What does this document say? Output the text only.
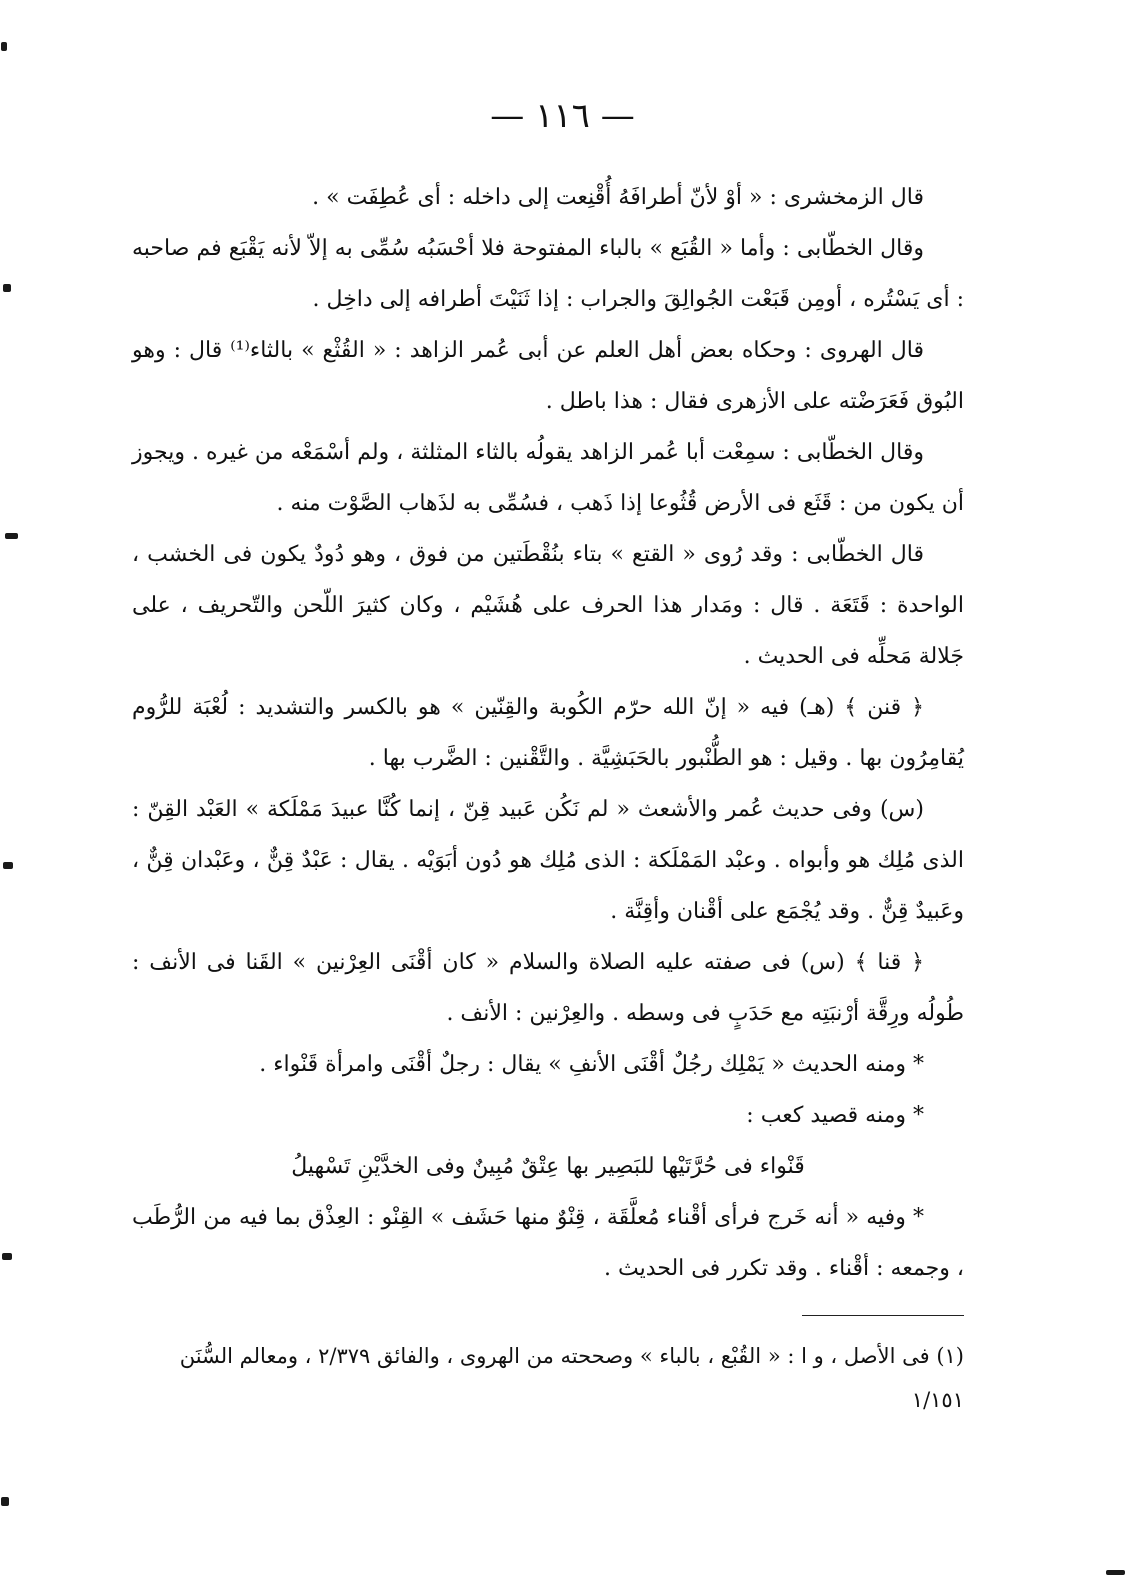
— ١١٦ —

قال الزمخشرى : « أوْ لأنّ أطرافَهُ أُقْنِعت إلى داخله : أى عُطِفَت » .

وقال الخطّابى : وأما « القُبَع » بالباء المفتوحة فلا أحْسَبُه سُمِّى به إلاّ لأنه يَقْبَع فم صاحبه : أى يَسْتُره ، أومِن قَبَعْت الجُوالِقَ والجراب : إذا ثَنَيْتَ أطرافه إلى داخِل .

قال الهروى : وحكاه بعض أهل العلم عن أبى عُمر الزاهد : « القُثْع » بالثاء⁽¹⁾ قال : وهو البُوق فَعَرَضْته على الأزهرى فقال : هذا باطل .

وقال الخطّابى : سمِعْت أبا عُمر الزاهد يقولُه بالثاء المثلثة ، ولم أسْمَعْه من غيره . ويجوز أن يكون من : قَثَع فى الأرض قُثُوعا إذا ذَهب ، فسُمِّى به لذَهاب الصَّوْت منه .

قال الخطّابى : وقد رُوى « القتع » بتاء بنُقْطَتين من فوق ، وهو دُودٌ يكون فى الخشب ، الواحدة : قَتَعَة . قال : ومَدار هذا الحرف على هُشَيْم ، وكان كثيرَ اللّحن والتّحريف ، على جَلالة مَحلِّه فى الحديث .

﴿ قنن ﴾ (هـ) فيه « إنّ الله حرّم الكُوبة والقِنّين » هو بالكسر والتشديد : لُعْبَة للرُّوم يُقامِرُون بها . وقيل : هو الطُّنْبور بالحَبَشِيَّة . والتَّقْنين : الضَّرب بها .

(س) وفى حديث عُمر والأشعث « لم نَكُن عَبيد قِنّ ، إنما كُنَّا عبيدَ مَمْلَكة » العَبْد القِنّ : الذى مُلِك هو وأبواه . وعبْد المَمْلَكة : الذى مُلِك هو دُون أبَوَيْه . يقال : عَبْدٌ قِنٌّ ، وعَبْدان قِنٌّ ، وعَبيدٌ قِنٌّ . وقد يُجْمَع على أقْنان وأقِنَّة .

﴿ قنا ﴾ (س) فى صفته عليه الصلاة والسلام « كان أقْنَى العِرْنين » القَنا فى الأنف : طُولُه ورِقَّة أرْنبَتِه مع حَدَبٍ فى وسطه . والعِرْنين : الأنف .

* ومنه الحديث « يَمْلِك رجُلٌ أقْنَى الأنفِ » يقال : رجلٌ أقْنَى وامرأة قَنْواء .

* ومنه قصيد كعب :

قَنْواء فى حُرَّتَيْها للبَصِير بها عِتْقٌ مُبِينٌ وفى الخدَّيْنِ تَسْهيلُ

* وفيه « أنه خَرج فرأى أقْناء مُعلَّقَة ، قِنْوٌ منها حَشَف » القِنْو : العِذْق بما فيه من الرُّطَب ، وجمعه : أقْناء . وقد تكرر فى الحديث .

(١) فى الأصل ، و ا : « القُبْع ، بالباء » وصححته من الهروى ، والفائق ٢/٣٧٩ ، ومعالم السُّنَن ١/١٥١
